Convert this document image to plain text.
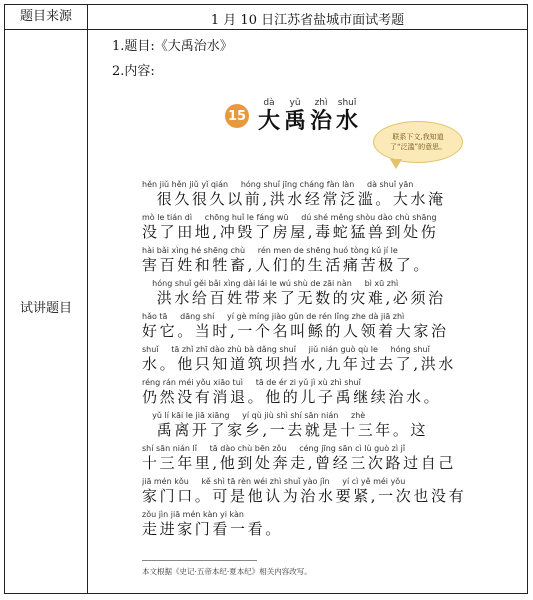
题目来源	1 月 10 日江苏省盐城市面试考题
试讲题目
1.题目:《大禹治水》
2.内容:
15
dà
大
yǔ
禹
zhì
治
shuǐ
水
联系下文,我知道了“泛滥”的意思。
hěn jiǔ hěn jiǔ yǐ qián     hóng shuǐ jīng cháng fàn làn     dà shuǐ yān
很久很久以前,洪水经常泛滥。大水淹
mò le tián dì     chōng huǐ le fáng wū     dú shé měng shòu dào chù shāng
没了田地,冲毁了房屋,毒蛇猛兽到处伤
hài bǎi xìng hé shēng chù     rén men de shēng huó tòng kǔ jí le
害百姓和牲畜,人们的生活痛苦极了。
hóng shuǐ gěi bǎi xìng dài lái le wú shù de zāi nàn     bì xū zhì
洪水给百姓带来了无数的灾难,必须治
hǎo tā     dāng shí     yí gè míng jiào gǔn de rén lǐng zhe dà jiā zhì
好它。当时,一个名叫鲧的人领着大家治
shuǐ     tā zhǐ zhī dào zhù bà dǎng shuǐ     jiǔ nián guò qù le     hóng shuǐ
水。他只知道筑坝挡水,九年过去了,洪水
réng rán méi yǒu xiāo tuì     tā de ér zi yǔ jì xù zhì shuǐ
仍然没有消退。他的儿子禹继续治水。
yǔ lí kāi le jiā xiāng     yí qù jiù shì shí sān nián     zhè
禹离开了家乡,一去就是十三年。这
shí sān nián lǐ     tā dào chù bēn zǒu     céng jīng sān cì lù guò zì jǐ
十三年里,他到处奔走,曾经三次路过自己
jiā mén kǒu     kě shì tā rèn wéi zhì shuǐ yào jǐn     yí cì yě méi yǒu
家门口。可是他认为治水要紧,一次也没有
zǒu jìn jiā mén kàn yi kàn
走进家门看一看。
本文根据《史记·五帝本纪·夏本纪》相关内容改写。
